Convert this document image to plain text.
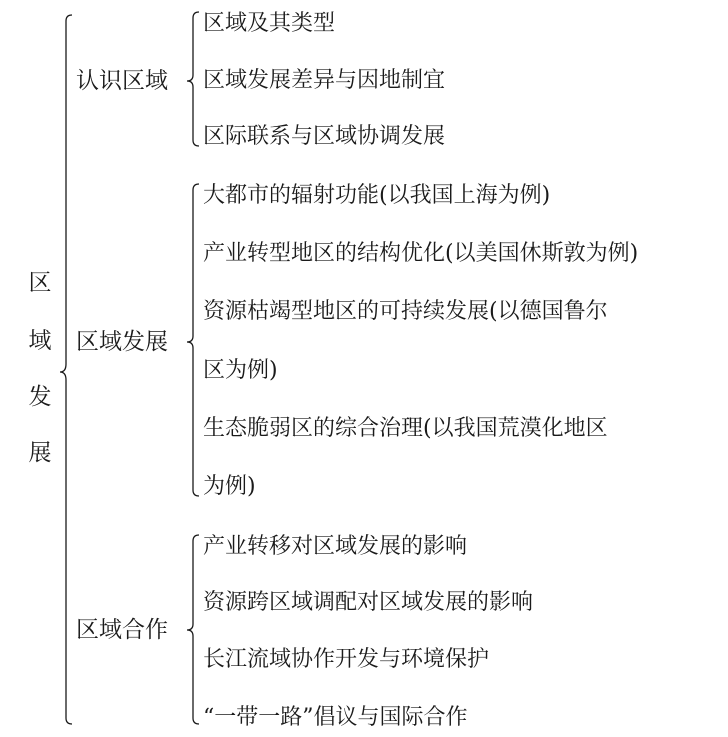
区
域
发
展
认识区域
区域及其类型
区域发展差异与因地制宜
区际联系与区域协调发展
区域发展
大都市的辐射功能(以我国上海为例)
产业转型地区的结构优化(以美国休斯敦为例)
资源枯竭型地区的可持续发展(以德国鲁尔
区为例)
生态脆弱区的综合治理(以我国荒漠化地区
为例)
区域合作
产业转移对区域发展的影响
资源跨区域调配对区域发展的影响
长江流域协作开发与环境保护
“一带一路”倡议与国际合作
